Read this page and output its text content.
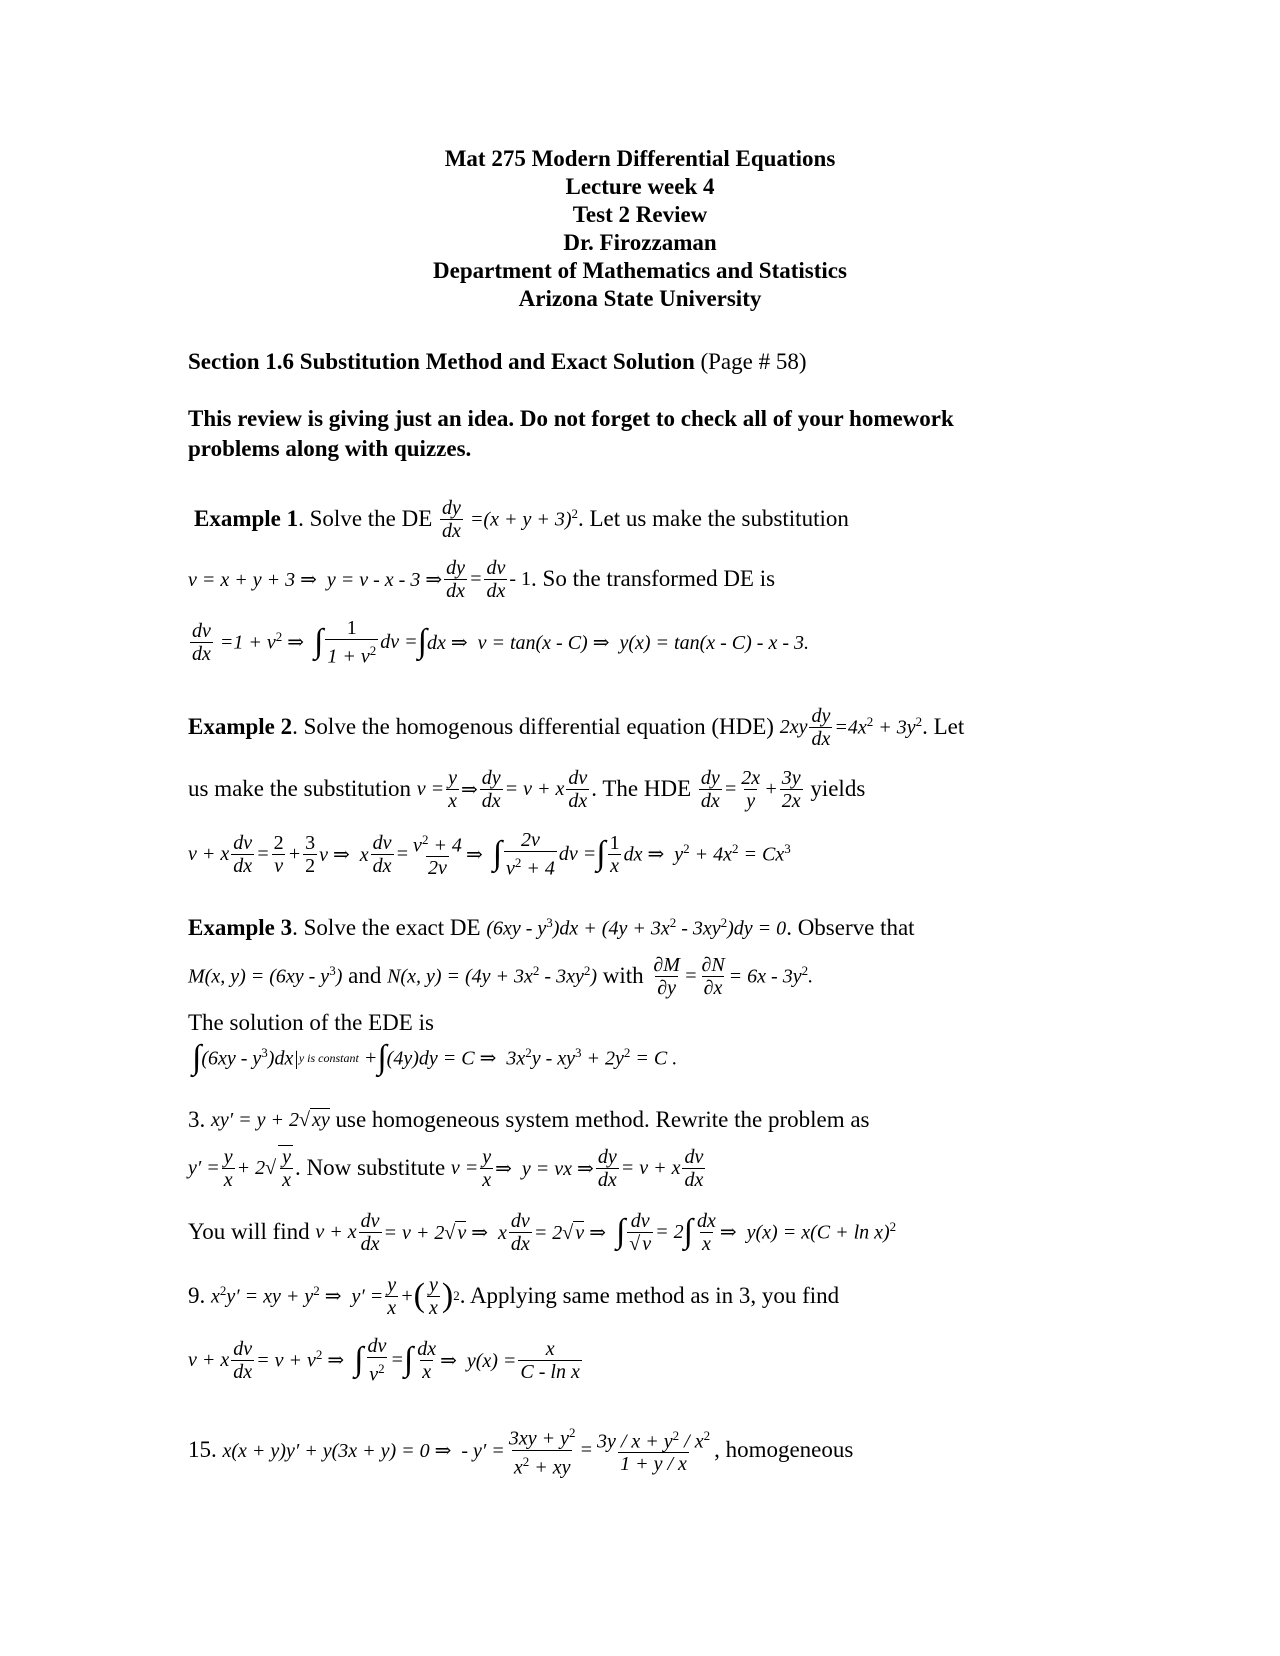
Mat 275 Modern Differential Equations
Lecture week 4
Test 2 Review
Dr. Firozzaman
Department of Mathematics and Statistics
Arizona State University
Section 1.6 Substitution Method and Exact Solution (Page # 58)
This review is giving just an idea. Do not forget to check all of your homework
problems along with quizzes.
Example 1 . Solve the DE
$\frac{dy}{dx} =(x + y + 3)^2$ . Let us make the substitution
v = x + y + 3 ⇒  y = v - x - 3 ⇒ $\frac{dy}{dx} = \frac{dv}{dx} - 1$ . So the transformed DE is
$\frac{dv}{dx} =1 + v^2$ ⇒ ∫ $\frac{1}{1 + v^2}$ dv = ∫ dx ⇒  v = tan(x - C) ⇒  y(x) = tan(x - C) - x - 3.
Example 2 . Solve the homogenous differential equation (HDE)
$2xy \frac{dy}{dx} =4x^2 + 3y^2$ . Let
us make the substitution
$v = \frac{y}{x}$ ⇒ $\frac{dy}{dx} = v + x \frac{dv}{dx}$ . The HDE
$\frac{dy}{dx} = \frac{2x}{y} + \frac{3y}{2x}$
yields
v + x $\frac{dv}{dx} = \frac{2}{v} + \frac{3}{2}$ v ⇒  x $\frac{dv}{dx} = \frac{v^2 + 4}{2v}$ ⇒ ∫ $\frac{2v}{v^2 + 4}$ dv = ∫ $\frac{1}{x}$ dx ⇒  $y^2 + 4x^2 = Cx^3$
Example 3 . Solve the exact DE
$(6xy - y^3)dx + (4y + 3x^2 - 3xy^2)dy = 0$ . Observe that
M(x, $y) = (6xy - y^3)$
and
N(x, $y) = (4y + 3x^2 - 3xy^2)$
with
$\frac{\partial M}{\partial y} = \frac{\partial N}{\partial x} = 6x - 3y^2$.
The solution of the EDE is
∫ $(6xy - y^3)dx|$ y is constant + ∫ (4y)dy = C ⇒  $3x^2y - xy^3 + 2y^2 = C$ .
3.
xy′ = y + 2√ xy
use homogeneous system method. Rewrite the problem as
$y' = \frac{y}{x} + 2√ \frac{y}{x}$ . Now substitute
$v = \frac{y}{x}$ ⇒  y = vx ⇒ $\frac{dy}{dx} = v + x \frac{dv}{dx}$
You will find
v + x $\frac{dv}{dx} = v + 2√$ v ⇒  x $\frac{dv}{dx} = 2√$ v ⇒ ∫ $\frac{dv}{√ v} = 2$ ∫ $\frac{dx}{x}$ ⇒  $y(x) = x(C + \ln x)^2$
9.
$x^2y'$ = xy + $y^2$ ⇒  $y' = \frac{y}{x}$ + ( $\frac{y}{x}$ ) 2 . Applying same method as in 3, you find
v + x $\frac{dv}{dx} = v + v^2$ ⇒ ∫ $\frac{dv}{v^2}$ = ∫ $\frac{dx}{x}$ ⇒  $y(x) = \frac{x}{\text{C - ln x}}$
15.
x(x + y)y′ + y(3x + y) = 0 ⇒  - $y' = \frac{3xy + y^2}{x^2 + xy} = \frac{3y / x + y^2 / x^2}{1 + y / x}$ , homogeneous
